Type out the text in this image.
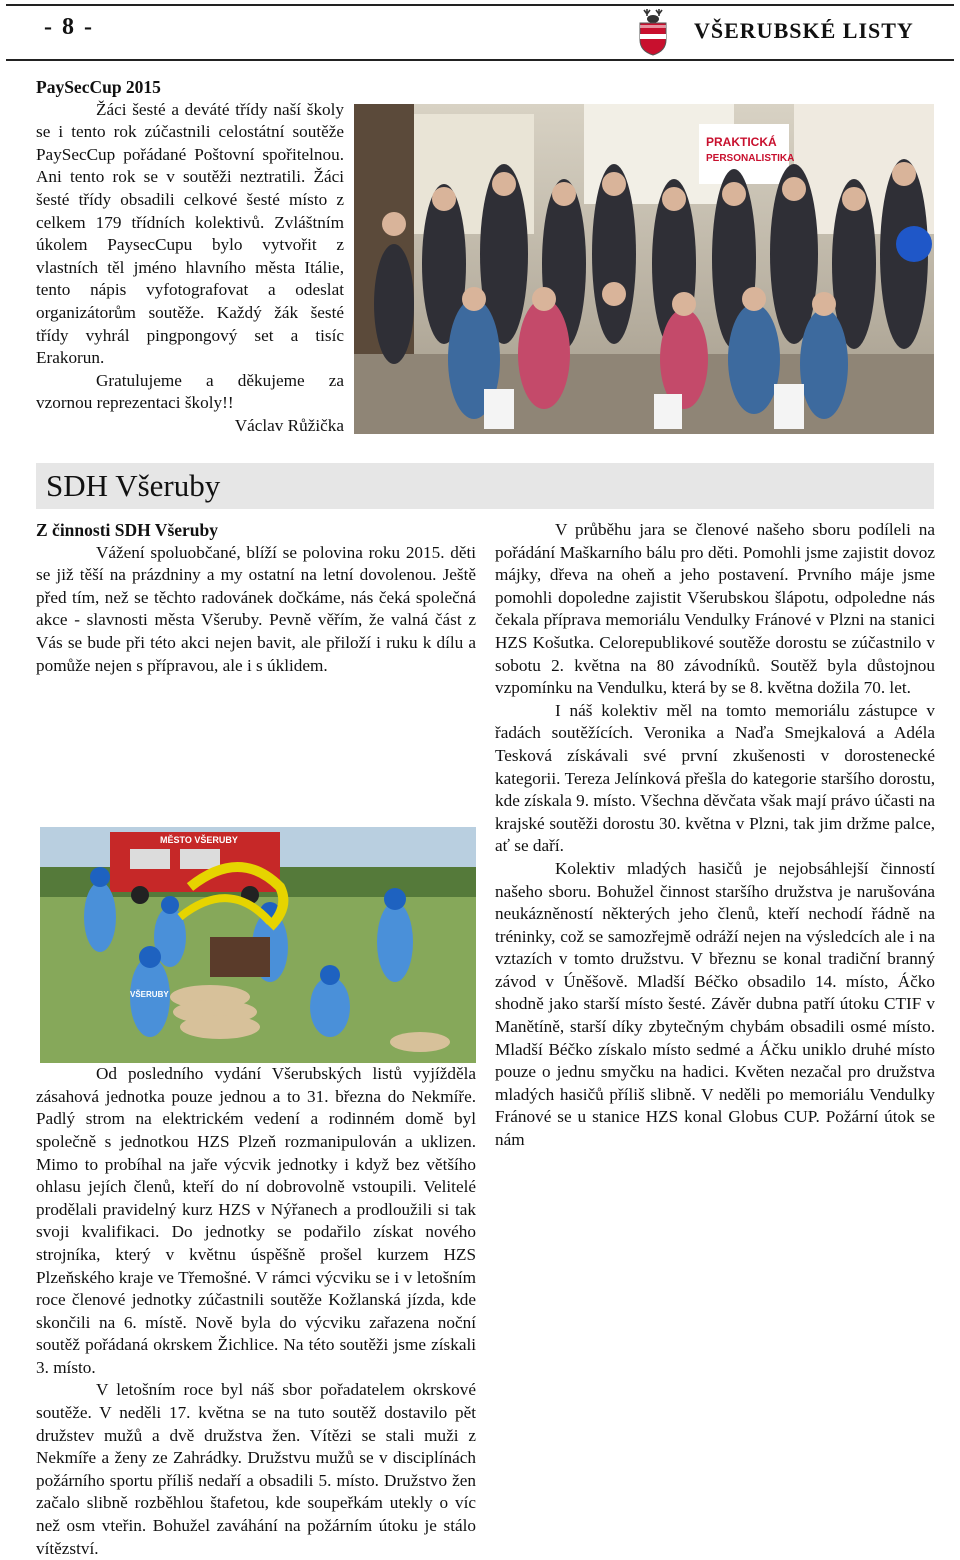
- 8 -	VŠERUBSKÉ LISTY

PaySecCup 2015

Žáci šesté a deváté třídy naší školy se i tento rok zúčastnili celostátní soutěže PaySecCup pořádané Poštovní spořitelnou. Ani tento rok se v soutěži neztratili. Žáci šesté třídy obsadili celkové šesté místo z celkem 179 třídních kolektivů. Zvláštním úkolem PaysecCupu bylo vytvořit z vlastních těl jméno hlavního města Itálie, tento nápis vyfotografovat a odeslat organizátorům soutěže. Každý žák šesté třídy vyhrál pingpongový set a tisíc Erakorun.

Gratulujeme a děkujeme za vzornou reprezentaci školy!!

Václav Růžička

PRAKTICKÁ
PERSONALISTIKA
SDH Všeruby

Z činnosti SDH Všeruby

Vážení spoluobčané, blíží se polovina roku 2015. děti se již těší na prázdniny a my ostatní na letní dovolenou. Ještě před tím, než se těchto radovánek dočkáme, nás čeká společná akce - slavnosti města Všeruby. Pevně věřím, že valná část z Vás se bude při této akci nejen bavit, ale přiloží i ruku k dílu a pomůže nejen s přípravou, ale i s úklidem.

MĚSTO VŠERUBY
VŠERUBY

Od posledního vydání Všerubských listů vyjížděla zásahová jednotka pouze jednou a to 31. března do Nekmíře. Padlý strom na elektrickém vedení a rodinném domě byl společně s jednotkou HZS Plzeň rozmanipulován a uklizen. Mimo to probíhal na jaře výcvik jednotky i když bez většího ohlasu jejích členů, kteří do ní dobrovolně vstoupili. Velitelé prodělali pravidelný kurz HZS v Nýřanech a prodloužili si tak svoji kvalifikaci. Do jednotky se podařilo získat nového strojníka, který v květnu úspěšně prošel kurzem HZS Plzeňského kraje ve Třemošné. V rámci výcviku se i v letošním roce členové jednotky zúčastnili soutěže Kožlanská jízda, kde skončili na 6. místě. Nově byla do výcviku zařazena noční soutěž pořádaná okrskem Žichlice. Na této soutěži jsme získali 3. místo.

V letošním roce byl náš sbor pořadatelem okrskové soutěže. V neděli 17. května se na tuto soutěž dostavilo pět družstev mužů a dvě družstva žen. Vítězi se stali muži z Nekmíře a ženy ze Zahrádky. Družstvu mužů se v disciplínách požárního sportu příliš nedaří a obsadili 5. místo. Družstvo žen začalo slibně rozběhlou štafetou, kde soupeřkám utekly o víc než osm vteřin. Bohužel zaváhání na požárním útoku je stálo vítězství.

V průběhu jara se členové našeho sboru podíleli na pořádání Maškarního bálu pro děti. Pomohli jsme zajistit dovoz májky, dřeva na oheň a jeho postavení. Prvního máje jsme pomohli dopoledne zajistit Všerubskou šlápotu, odpoledne nás čekala příprava memoriálu Vendulky Fránové v Plzni na stanici HZS Košutka. Celorepublikové soutěže dorostu se zúčastnilo v sobotu 2. května na 80 závodníků. Soutěž byla důstojnou vzpomínku na Vendulku, která by se 8. května dožila 70. let.

I náš kolektiv měl na tomto memoriálu zástupce v řadách soutěžících. Veronika a Naďa Smejkalová a Adéla Tesková získávali své první zkušenosti v dorostenecké kategorii. Tereza Jelínková přešla do kategorie staršího dorostu, kde získala 9. místo. Všechna děvčata však mají právo účasti na krajské soutěži dorostu 30. května v Plzni, tak jim držme palce, ať se daří.

Kolektiv mladých hasičů je nejobsáhlejší činností našeho sboru. Bohužel činnost staršího družstva je narušována neukázněností některých jeho členů, kteří nechodí řádně na tréninky, což se samozřejmě odráží nejen na výsledcích ale i na vztazích v tomto družstvu. V březnu se konal tradiční branný závod v Úněšově. Mladší Béčko obsadilo 14. místo, Áčko shodně jako starší místo šesté. Závěr dubna patří útoku CTIF v Manětíně, starší díky zbytečným chybám obsadili osmé místo. Mladší Béčko získalo místo sedmé a Áčku uniklo druhé místo pouze o jednu smyčku na hadici. Květen nezačal pro družstva mladých hasičů příliš slibně. V neděli po memoriálu Vendulky Fránové se u stanice HZS konal Globus CUP. Požární útok se nám
